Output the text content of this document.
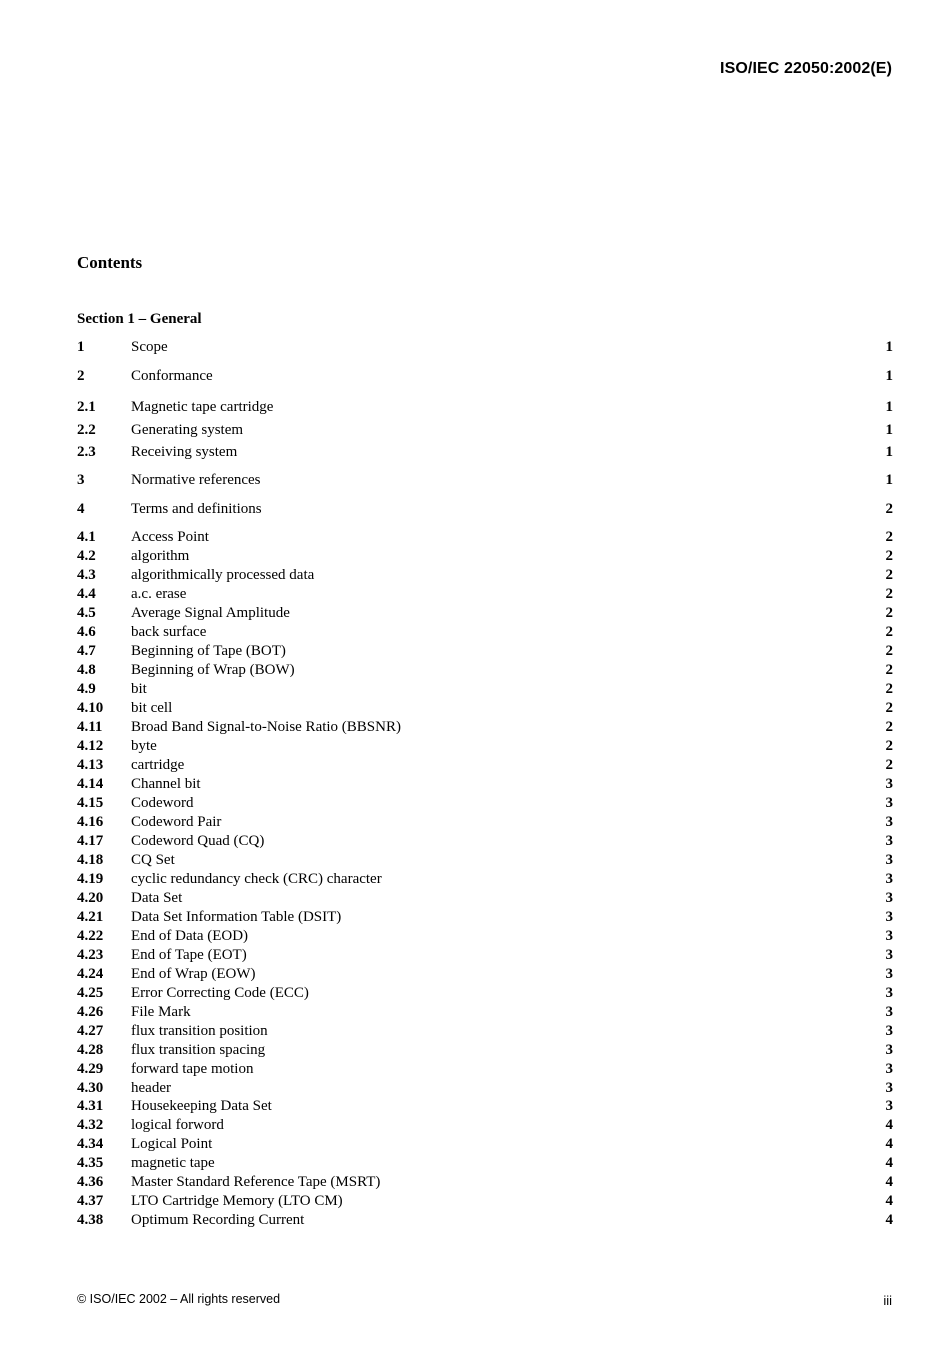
ISO/IEC 22050:2002(E)
Contents
Section 1 – General
1	Scope	1
2	Conformance	1
2.1 Magnetic tape cartridge	1
2.2 Generating system	1
2.3 Receiving system	1
3	Normative references	1
4	Terms and definitions	2
4.1 Access Point	2
4.2 algorithm	2
4.3 algorithmically processed data	2
4.4 a.c. erase	2
4.5 Average Signal Amplitude	2
4.6 back surface	2
4.7 Beginning of Tape (BOT)	2
4.8 Beginning of Wrap (BOW)	2
4.9 bit	2
4.10 bit cell	2
4.11 Broad Band Signal-to-Noise Ratio (BBSNR)	2
4.12 byte	2
4.13 cartridge	2
4.14 Channel bit	3
4.15 Codeword	3
4.16 Codeword Pair	3
4.17 Codeword Quad (CQ)	3
4.18 CQ Set	3
4.19 cyclic redundancy check (CRC) character	3
4.20 Data Set	3
4.21 Data Set Information Table (DSIT)	3
4.22 End of Data (EOD)	3
4.23 End of Tape (EOT)	3
4.24 End of Wrap (EOW)	3
4.25 Error Correcting Code (ECC)	3
4.26 File Mark	3
4.27 flux transition position	3
4.28 flux transition spacing	3
4.29 forward tape motion	3
4.30 header	3
4.31 Housekeeping Data Set	3
4.32 logical forword	4
4.34 Logical Point	4
4.35 magnetic tape	4
4.36 Master Standard Reference Tape (MSRT)	4
4.37 LTO Cartridge Memory (LTO CM)	4
4.38 Optimum Recording Current	4
© ISO/IEC 2002 – All rights reserved	iii
